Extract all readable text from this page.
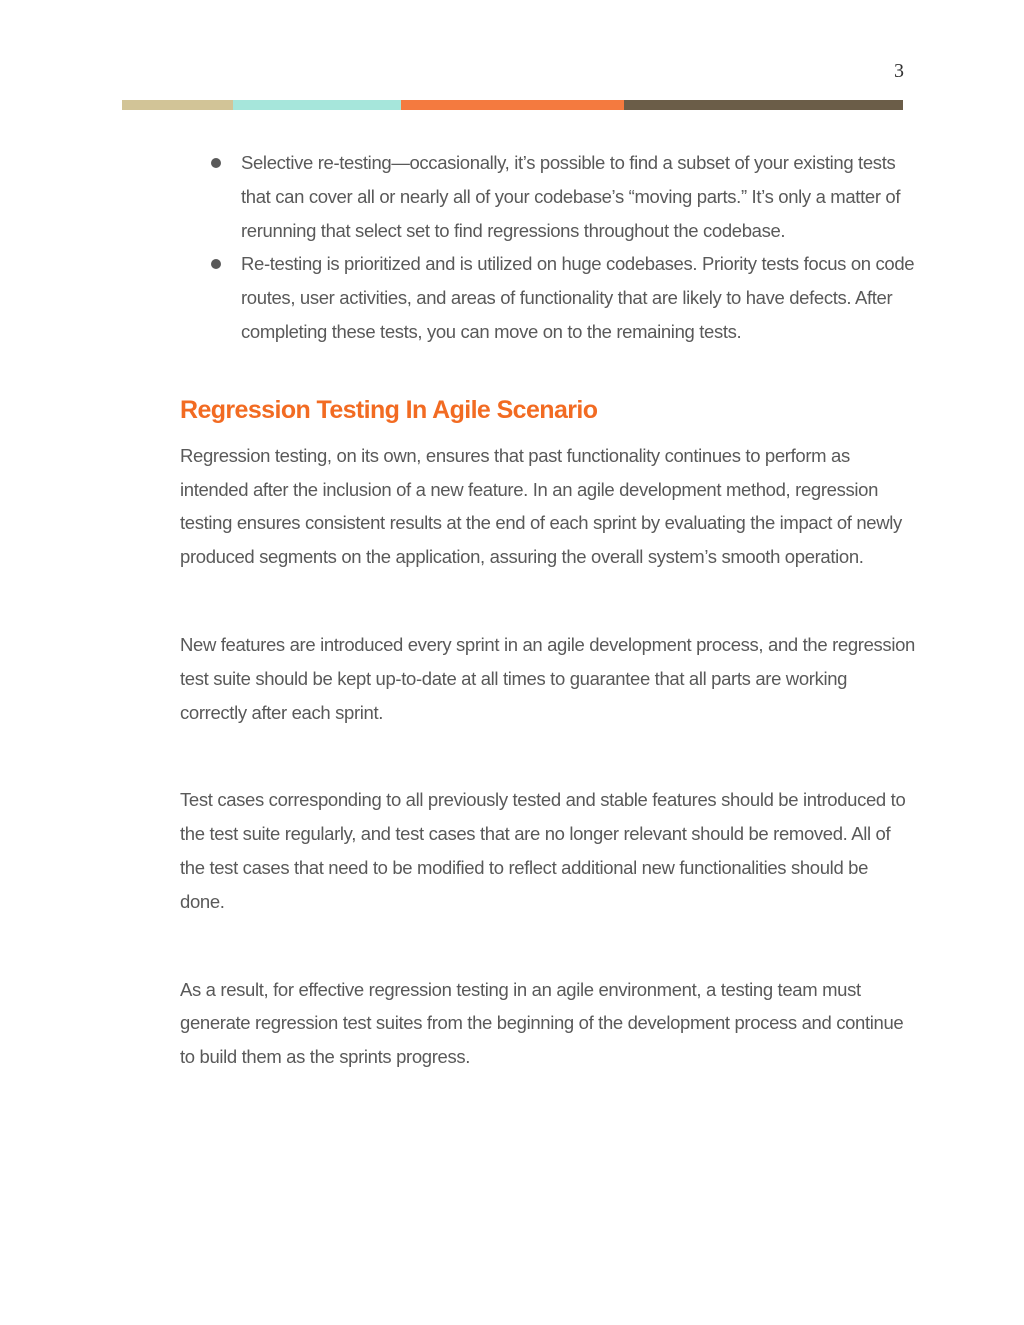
3
Selective re-testing—occasionally, it’s possible to find a subset of your existing tests that can cover all or nearly all of your codebase’s “moving parts.” It’s only a matter of rerunning that select set to find regressions throughout the codebase.
Re-testing is prioritized and is utilized on huge codebases. Priority tests focus on code routes, user activities, and areas of functionality that are likely to have defects. After completing these tests, you can move on to the remaining tests.
Regression Testing In Agile Scenario

Regression testing, on its own, ensures that past functionality continues to perform as intended after the inclusion of a new feature. In an agile development method, regression testing ensures consistent results at the end of each sprint by evaluating the impact of newly produced segments on the application, assuring the overall system’s smooth operation.

New features are introduced every sprint in an agile development process, and the regression test suite should be kept up-to-date at all times to guarantee that all parts are working correctly after each sprint.

Test cases corresponding to all previously tested and stable features should be introduced to the test suite regularly, and test cases that are no longer relevant should be removed. All of the test cases that need to be modified to reflect additional new functionalities should be done.

As a result, for effective regression testing in an agile environment, a testing team must generate regression test suites from the beginning of the development process and continue to build them as the sprints progress.
